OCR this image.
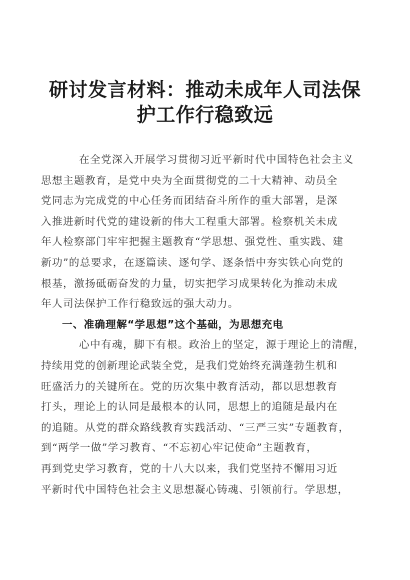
研讨发言材料：推动未成年人司法保
护工作行稳致远
在全党深入开展学习贯彻习近平新时代中国特色社会主义
思想主题教育，是党中央为全面贯彻党的二十大精神、动员全
党同志为完成党的中心任务而团结奋斗所作的重大部署，是深
入推进新时代党的建设新的伟大工程重大部署。检察机关未成
年人检察部门牢牢把握主题教育“学思想、强党性、重实践、建
新功”的总要求，在逐篇读、逐句学、逐条悟中夯实铁心向党的
根基，激扬砥砺奋发的力量，切实把学习成果转化为推动未成
年人司法保护工作行稳致远的强大动力。
一、准确理解“学思想”这个基础，为思想充电
心中有魂，脚下有根。政治上的坚定，源于理论上的清醒，
持续用党的创新理论武装全党，是我们党始终充满蓬勃生机和
旺盛活力的关键所在。党的历次集中教育活动，都以思想教育
打头，理论上的认同是最根本的认同，思想上的追随是最内在
的追随。从党的群众路线教育实践活动、“三严三实”专题教育，
到“两学一做”学习教育、“不忘初心牢记使命”主题教育，
再到党史学习教育，党的十八大以来，我们党坚持不懈用习近
平新时代中国特色社会主义思想凝心铸魂、引领前行。学思想，
